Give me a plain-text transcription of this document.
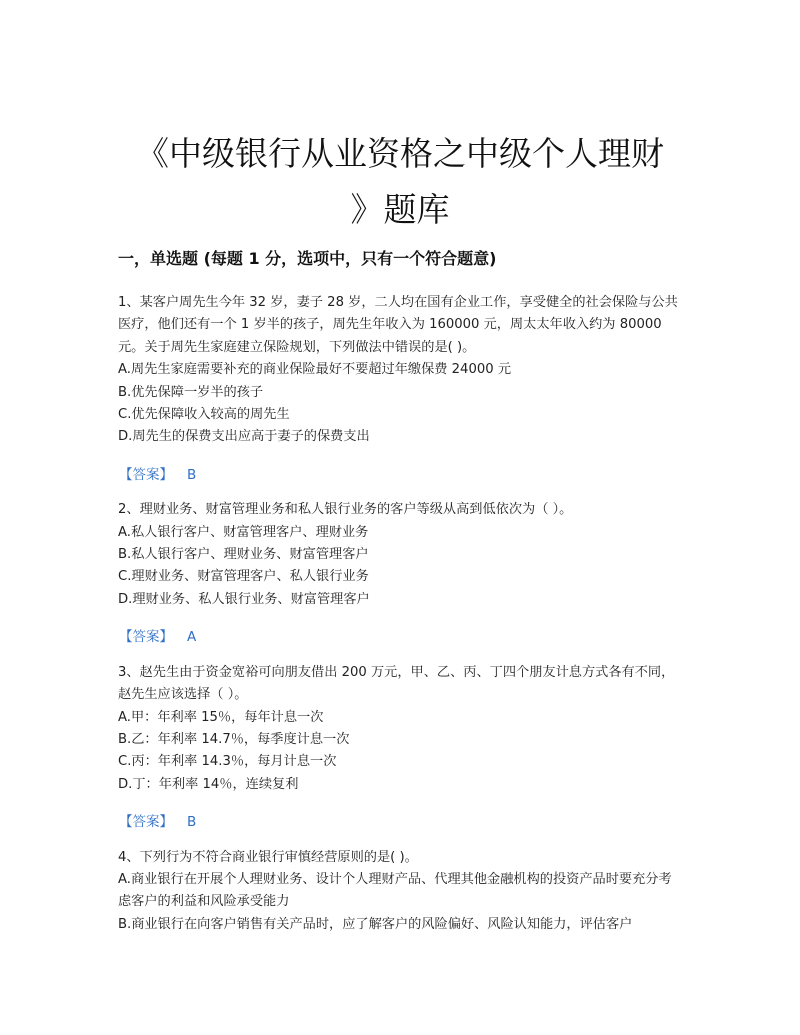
《中级银行从业资格之中级个人理财
》题库
一，单选题 (每题 1 分，选项中，只有一个符合题意)

1、某客户周先生今年 32 岁，妻子 28 岁，二人均在国有企业工作，享受健全的社会保险与公共医疗，他们还有一个 1 岁半的孩子，周先生年收入为 160000 元，周太太年收入约为 80000 元。关于周先生家庭建立保险规划，下列做法中错误的是( )。

A.周先生家庭需要补充的商业保险最好不要超过年缴保费 24000 元

B.优先保障一岁半的孩子

C.优先保障收入较高的周先生

D.周先生的保费支出应高于妻子的保费支出

【答案】 B

2、理财业务、财富管理业务和私人银行业务的客户等级从高到低依次为（ ）。

A.私人银行客户、财富管理客户、理财业务

B.私人银行客户、理财业务、财富管理客户

C.理财业务、财富管理客户、私人银行业务

D.理财业务、私人银行业务、财富管理客户

【答案】 A

3、赵先生由于资金宽裕可向朋友借出 200 万元，甲、乙、丙、丁四个朋友计息方式各有不同，赵先生应该选择（ ）。

A.甲：年利率 15％，每年计息一次

B.乙：年利率 14.7％，每季度计息一次

C.丙：年利率 14.3％，每月计息一次

D.丁：年利率 14％，连续复利

【答案】 B

4、下列行为不符合商业银行审慎经营原则的是( )。

A.商业银行在开展个人理财业务、设计个人理财产品、代理其他金融机构的投资产品时要充分考虑客户的利益和风险承受能力

B.商业银行在向客户销售有关产品时，应了解客户的风险偏好、风险认知能力，评估客户
